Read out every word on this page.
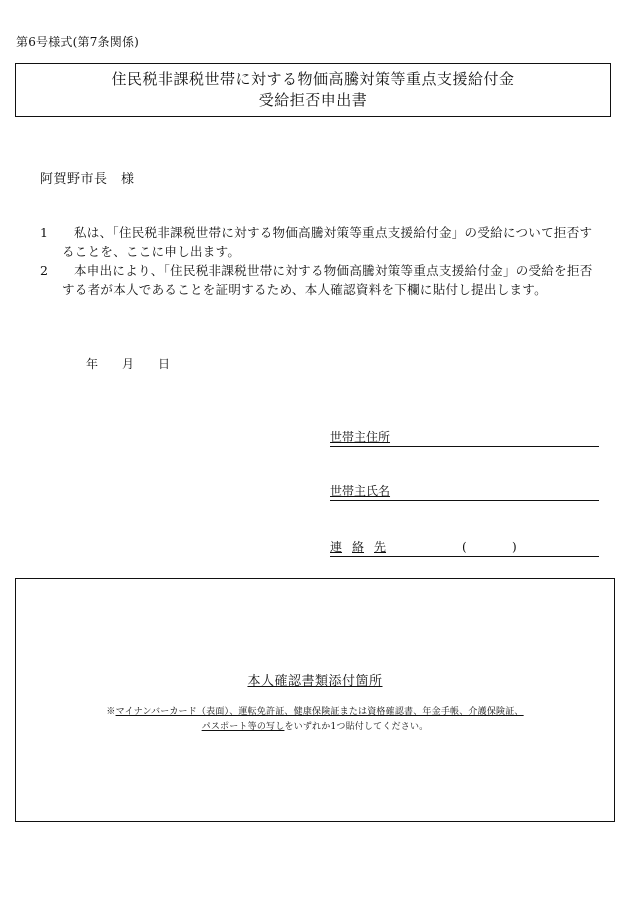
第6号様式(第7条関係)
住民税非課税世帯に対する物価高騰対策等重点支援給付金
受給拒否申出書
阿賀野市長　様
1	私は、「住民税非課税世帯に対する物価高騰対策等重点支援給付金」の受給について拒否することを、ここに申し出ます。
2	本申出により、「住民税非課税世帯に対する物価高騰対策等重点支援給付金」の受給を拒否する者が本人であることを証明するため、本人確認資料を下欄に貼付し提出します。
年 月 日
世帯主住所
世帯主氏名
連 絡 先	(	)
本人確認書類添付箇所
※マイナンバーカード（表面）、運転免許証、健康保険証または資格確認書、年金手帳、介護保険証、
パスポート等の写しをいずれか1つ貼付してください。
